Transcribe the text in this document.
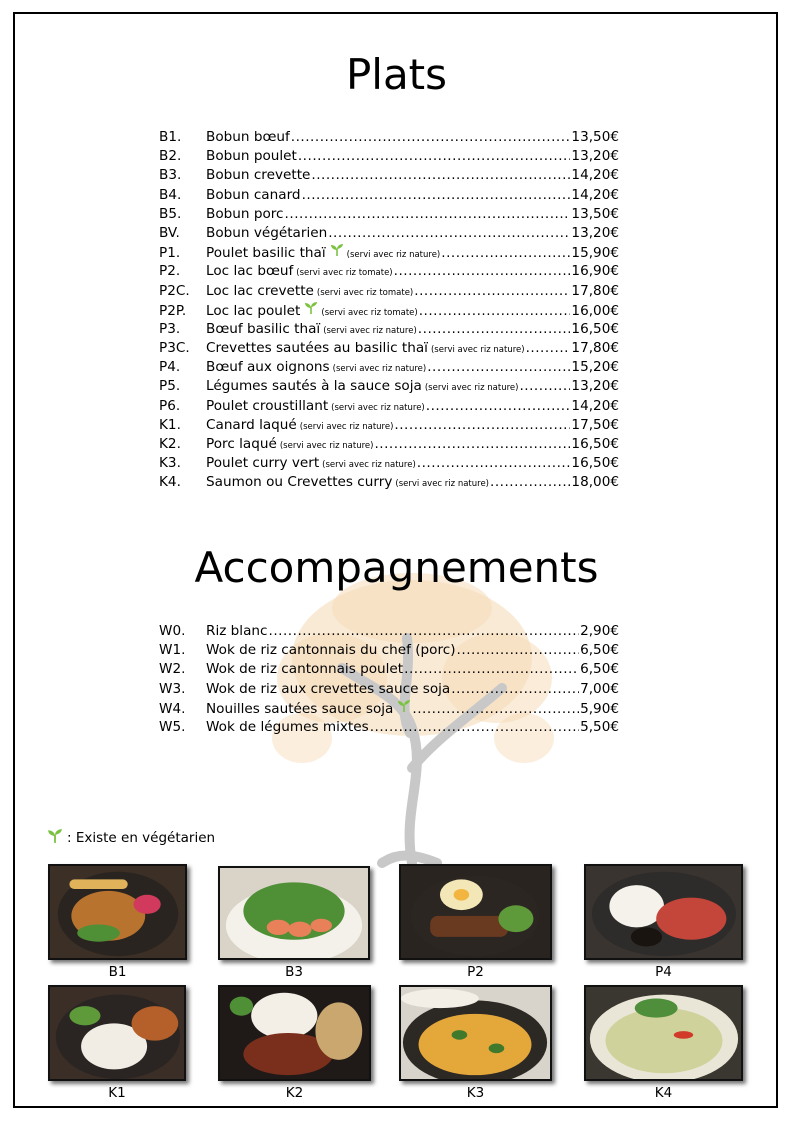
Plats
B1.	Bobun bœuf .....	13,50€
B2.	Bobun poulet .....	13,20€
B3.	Bobun crevette .....	14,20€
B4.	Bobun canard .....	14,20€
B5.	Bobun porc .....	13,50€
BV.	Bobun végétarien .....	13,20€
P1.	Poulet basilic thaï (servi avec riz nature) .....	15,90€
P2.	Loc lac bœuf (servi avec riz tomate) .....	16,90€
P2C.	Loc lac crevette (servi avec riz tomate) .....	17,80€
P2P.	Loc lac poulet (servi avec riz tomate) .....	16,00€
P3.	Bœuf basilic thaï (servi avec riz nature) .....	16,50€
P3C.	Crevettes sautées au basilic thaï (servi avec riz nature) .....	17,80€
P4.	Bœuf aux oignons (servi avec riz nature) .....	15,20€
P5.	Légumes sautés à la sauce soja (servi avec riz nature) .....	13,20€
P6.	Poulet croustillant (servi avec riz nature) .....	14,20€
K1.	Canard laqué (servi avec riz nature) .....	17,50€
K2.	Porc laqué (servi avec riz nature) .....	16,50€
K3.	Poulet curry vert (servi avec riz nature) .....	16,50€
K4.	Saumon ou Crevettes curry (servi avec riz nature) .....	18,00€
Accompagnements
W0.	Riz blanc .....	2,90€
W1.	Wok de riz cantonnais du chef (porc) .....	6,50€
W2.	Wok de riz cantonnais poulet .....	6,50€
W3.	Wok de riz aux crevettes sauce soja .....	7,00€
W4.	Nouilles sautées sauce soja .....	5,90€
W5.	Wok de légumes mixtes .....	5,50€
: Existe en végétarien
B1	B3	P2	P4
K1	K2	K3	K4
